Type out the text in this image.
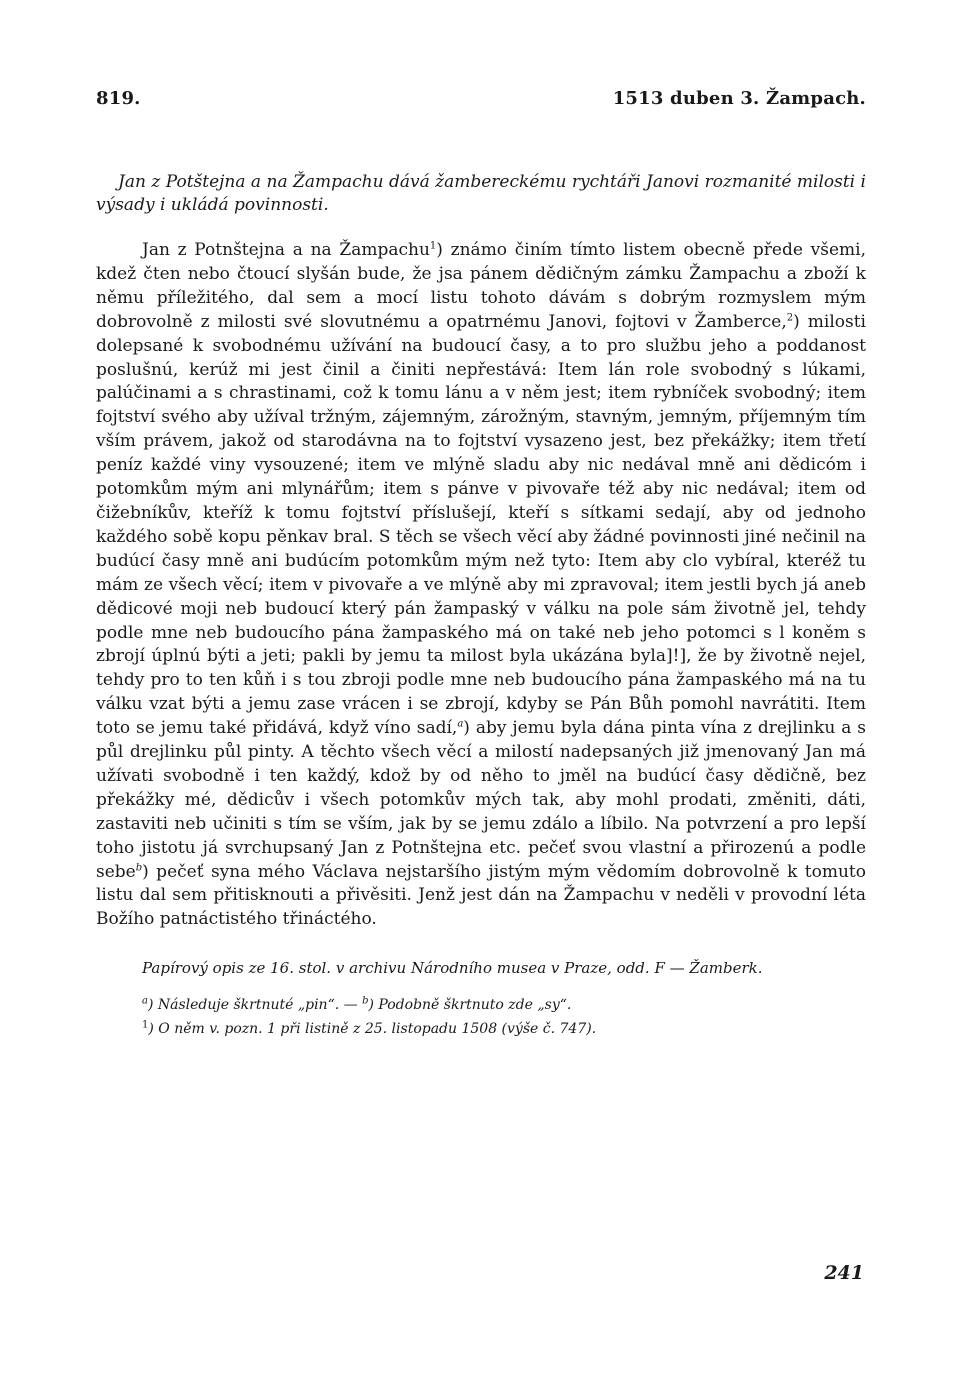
819.	1513 duben 3. Žampach.
Jan z Potštejna a na Žampachu dává žambereckému rychtáři Janovi rozmanité milosti i výsady i ukládá povinnosti.
Jan z Potnštejna a na Žampachu$^1$) známo činím tímto listem obecně přede všemi, kdež čten nebo čtoucí slyšán bude, že jsa pánem dědičným zámku Žampachu a zboží k němu příležitého, dal sem a mocí listu tohoto dávám s dobrým rozmyslem mým dobrovolně z milosti své slovutnému a opatrnému Janovi, fojtovi v Žamberce,$^2$) milosti dolepsané k svobodnému užívání na budoucí časy, a to pro službu jeho a poddanost poslušnú, kerúž mi jest činil a činiti nepřestává: Item lán role svobodný s lúkami, palúčinami a s chrastinami, což k tomu lánu a v něm jest; item rybníček svobodný; item fojtství svého aby užíval tržným, zájemným, zárožným, stavným, jemným, příjemným tím vším právem, jakož od starodávna na to fojtství vysazeno jest, bez překážky; item třetí peníz každé viny vysouzené; item ve mlýně sladu aby nic nedával mně ani dědicóm i potomkům mým ani mlynářům; item s pánve v pivovaře též aby nic nedával; item od čižebníkův, kteříž k tomu fojtství příslušejí, kteří s sítkami sedají, aby od jednoho každého sobě kopu pěnkav bral. S těch se všech věcí aby žádné povinnosti jiné nečinil na budúcí časy mně ani budúcím potomkům mým než tyto: Item aby clo vybíral, kteréž tu mám ze všech věcí; item v pivovaře a ve mlýně aby mi zpravoval; item jestli bych já aneb dědicové moji neb budoucí který pán žampaský v válku na pole sám životně jel, tehdy podle mne neb budoucího pána žampaského má on také neb jeho potomci s l koněm s zbrojí úplnú býti a jeti; pakli by jemu ta milost byla ukázána byla]!], že by životně nejel, tehdy pro to ten kůň i s tou zbroji podle mne neb budoucího pána žampaského má na tu válku vzat býti a jemu zase vrácen i se zbrojí, kdyby se Pán Bůh pomohl navrátiti. Item toto se jemu také přidává, když víno sadí,$^a$) aby jemu byla dána pinta vína z drejlinku a s půl drejlinku půl pinty. A těchto všech věcí a milostí nadepsaných již jmenovaný Jan má užívati svobodně i ten každý, kdož by od něho to jměl na budúcí časy dědičně, bez překážky mé, dědicův i všech potomkův mých tak, aby mohl prodati, změniti, dáti, zastaviti neb učiniti s tím se vším, jak by se jemu zdálo a líbilo. Na potvrzení a pro lepší toho jistotu já svrchupsaný Jan z Potnštejna etc. pečeť svou vlastní a přirozenú a podle sebe$^b$) pečeť syna mého Václava nejstaršího jistým mým vědomím dobrovolně k tomuto listu dal sem přitisknouti a přivěsiti. Jenž jest dán na Žampachu v neděli v provodní léta Božího patnáctistého třináctého.
Papírový opis ze 16. stol. v archivu Národního musea v Praze, odd. F — Žamberk.
$^a$) Následuje škrtnuté „pin“. — $^b$) Podobně škrtnuto zde „sy“.
$^1$) O něm v. pozn. 1 při listině z 25. listopadu 1508 (výše č. 747).
241
